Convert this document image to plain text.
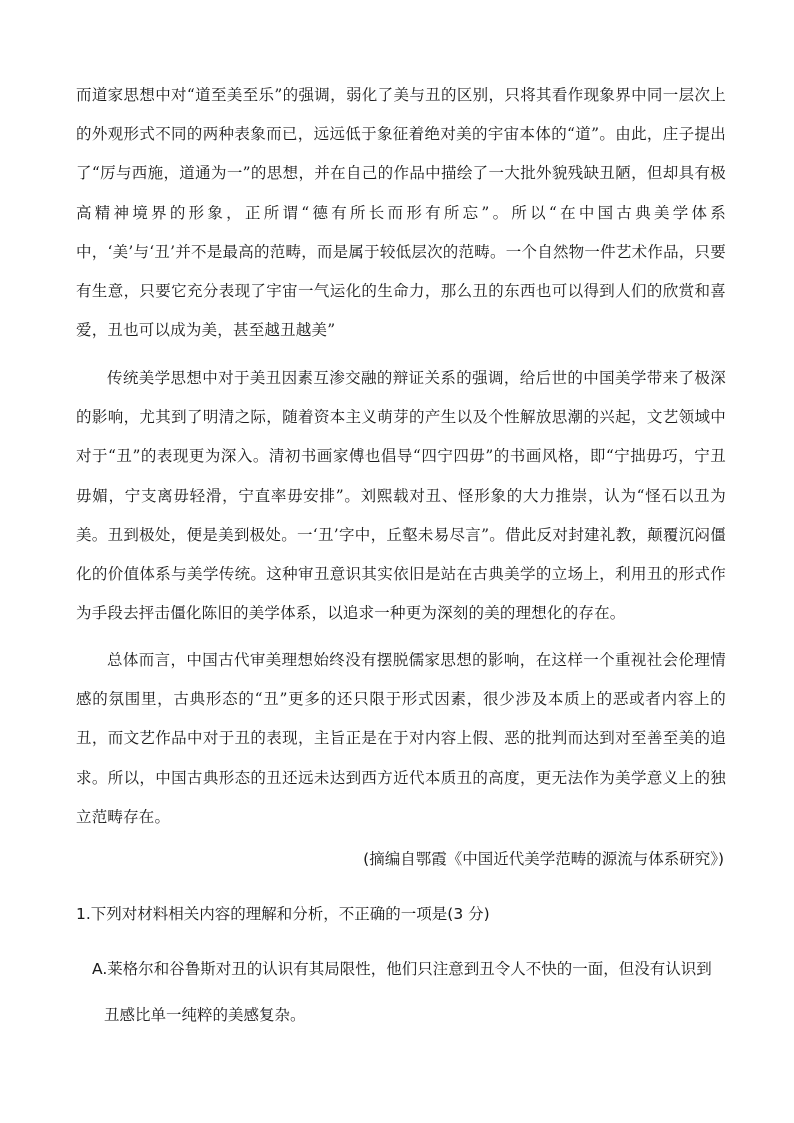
而道家思想中对“道至美至乐”的强调，弱化了美与丑的区别，只将其看作现象界中同一层次上的外观形式不同的两种表象而已，远远低于象征着绝对美的宇宙本体的“道”。由此，庄子提出了“厉与西施，道通为一”的思想，并在自己的作品中描绘了一大批外貌残缺丑陋，但却具有极高精神境界的形象，正所谓“德有所长而形有所忘”。所以“在中国古典美学体系中，‘美’与‘丑’并不是最高的范畴，而是属于较低层次的范畴。一个自然物一件艺术作品，只要有生意，只要它充分表现了宇宙一气运化的生命力，那么丑的东西也可以得到人们的欣赏和喜爱，丑也可以成为美，甚至越丑越美”

传统美学思想中对于美丑因素互渗交融的辩证关系的强调，给后世的中国美学带来了极深的影响，尤其到了明清之际，随着资本主义萌芽的产生以及个性解放思潮的兴起，文艺领域中对于“丑”的表现更为深入。清初书画家傅也倡导“四宁四毋”的书画风格，即“宁拙毋巧，宁丑毋媚，宁支离毋轻滑，宁直率毋安排”。刘熙载对丑、怪形象的大力推崇，认为“怪石以丑为美。丑到极处，便是美到极处。一‘丑’字中，丘壑未易尽言”。借此反对封建礼教，颠覆沉闷僵化的价值体系与美学传统。这种审丑意识其实依旧是站在古典美学的立场上，利用丑的形式作为手段去抨击僵化陈旧的美学体系，以追求一种更为深刻的美的理想化的存在。

总体而言，中国古代审美理想始终没有摆脱儒家思想的影响，在这样一个重视社会伦理情感的氛围里，古典形态的“丑”更多的还只限于形式因素，很少涉及本质上的恶或者内容上的丑，而文艺作品中对于丑的表现，主旨正是在于对内容上假、恶的批判而达到对至善至美的追求。所以，中国古典形态的丑还远未达到西方近代本质丑的高度，更无法作为美学意义上的独立范畴存在。

(摘编自鄂霞《中国近代美学范畴的源流与体系研究》)
1.下列对材料相关内容的理解和分析，不正确的一项是(3 分)
A.莱格尔和谷鲁斯对丑的认识有其局限性，他们只注意到丑令人不快的一面，但没有认识到
丑感比单一纯粹的美感复杂。
